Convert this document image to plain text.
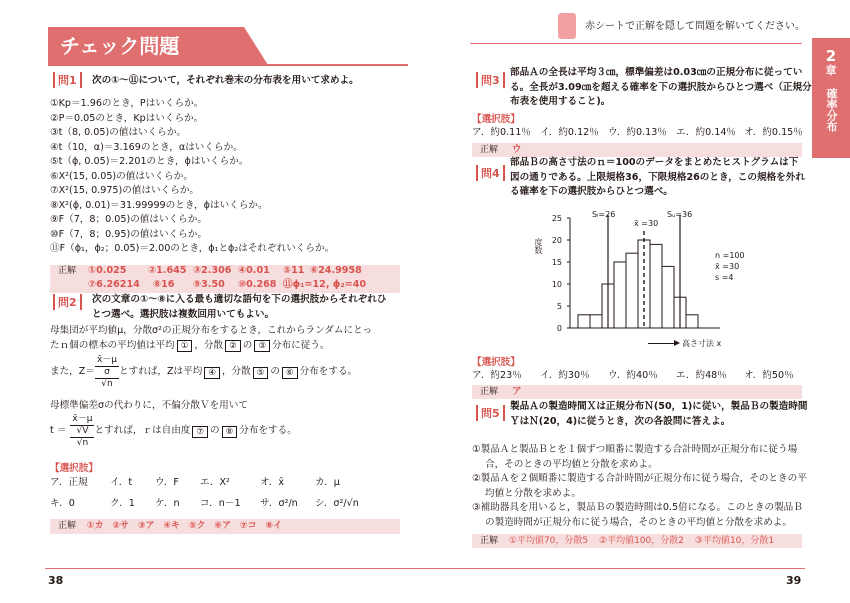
チェック問題
赤シートで正解を隠して問題を解いてください。
2
章
確率分布
問1	次の①〜⑪について，それぞれ巻末の分布表を用いて求めよ。
①Kp＝1.96のとき，Pはいくらか。
②P＝0.05のとき，Kpはいくらか。
③t（8, 0.05)の値はいくらか。
④t（10，α)＝3.169のとき，αはいくらか。
⑤t（ϕ, 0.05)＝2.201のとき，ϕはいくらか。
⑥X²(15, 0.05)の値はいくらか。
⑦X²(15, 0.975)の値はいくらか。
⑧X²(ϕ, 0.01)＝31.99999のとき，ϕはいくらか。
⑨F（7，8；0.05)の値はいくらか。
⑩F（7，8；0.95)の値はいくらか。
⑪F（ϕ₁，ϕ₂；0.05)＝2.00のとき，ϕ₁とϕ₂はそれぞれいくらか。
正解 ①0.025 ②1.645 ③2.306 ④0.01 ⑤11 ⑥24.9958
⑦6.26214 ⑧16 ⑨3.50 ⑩0.268 ⑪ϕ₁=12, ϕ₂=40
問2	次の文章の①〜⑧に入る最も適切な語句を下の選択肢からそれぞれひ
とつ選べ。選択肢は複数回用いてもよい。
母集団が平均値μ，分散σ²の正規分布をするとき，これからランダムにとっ
たｎ個の標本の平均値は平均 ① ，分散 ② の ③ 分布に従う。
また，Z＝
x̄－μ
σ
√n
とすれば，Zは平均 ④ ，分散 ⑤ の ⑥ 分布をする。
母標準偏差σの代わりに，不偏分散Ｖを用いて
t ＝
x̄－μ
√V
√n
とすれば，ｒは自由度 ⑦ の ⑧ 分布をする。
【選択肢】
ア．正規 イ．t ウ．F エ．X²	オ．x̄	カ．μ
キ．0	ク．1 ケ．n コ．n－1 サ．σ²/n シ．σ²/√n
正解 ①カ ②サ ③ア ④キ ⑤ク ⑥ア ⑦コ ⑧イ
問3
部品Ａの全長は平均３㎝，標準偏差は0.03㎝の正規分布に従ってい
る。全長が3.09㎝を超える確率を下の選択肢からひとつ選べ（正規分
布表を使用すること)。
【選択肢】
ア．約0.11％ イ．約0.12％ ウ．約0.13％ エ．約0.14％ オ．約0.15％
正解 ウ
問4
部品Ｂの高さ寸法のｎ＝100のデータをまとめたヒストグラムは下
図の通りである。上限規格36，下限規格26のとき，この規格を外れ
る確率を下の選択肢からひとつ選べ。
0
5
10
15
20
25
度数
Sₗ=26
x̄ =30
Sᵤ=36
n =100
x̄ =30
s =4
高さ寸法 x
【選択肢】
ア．約23％ イ．約30％ ウ．約40％ エ．約48％ オ．約50％
正解 ア
問5
製品Ａの製造時間Ｘは正規分布Ｎ(50，1)に従い，製品Ｂの製造時間
ＹはＮ(20，4)に従うとき，次の各設問に答えよ。
①製品Ａと製品Ｂとを１個ずつ順番に製造する合計時間が正規分布に従う場
合，そのときの平均値と分散を求めよ。
②製品Ａを２個順番に製造する合計時間が正規分布に従う場合，そのときの平
均値と分散を求めよ。
③補助器具を用いると，製品Ｂの製造時間は0.5倍になる。このときの製品Ｂ
の製造時間が正規分布に従う場合，そのときの平均値と分散を求めよ。
正解 ①平均値70，分散5 ②平均値100，分散2 ③平均値10，分散1
38	39
